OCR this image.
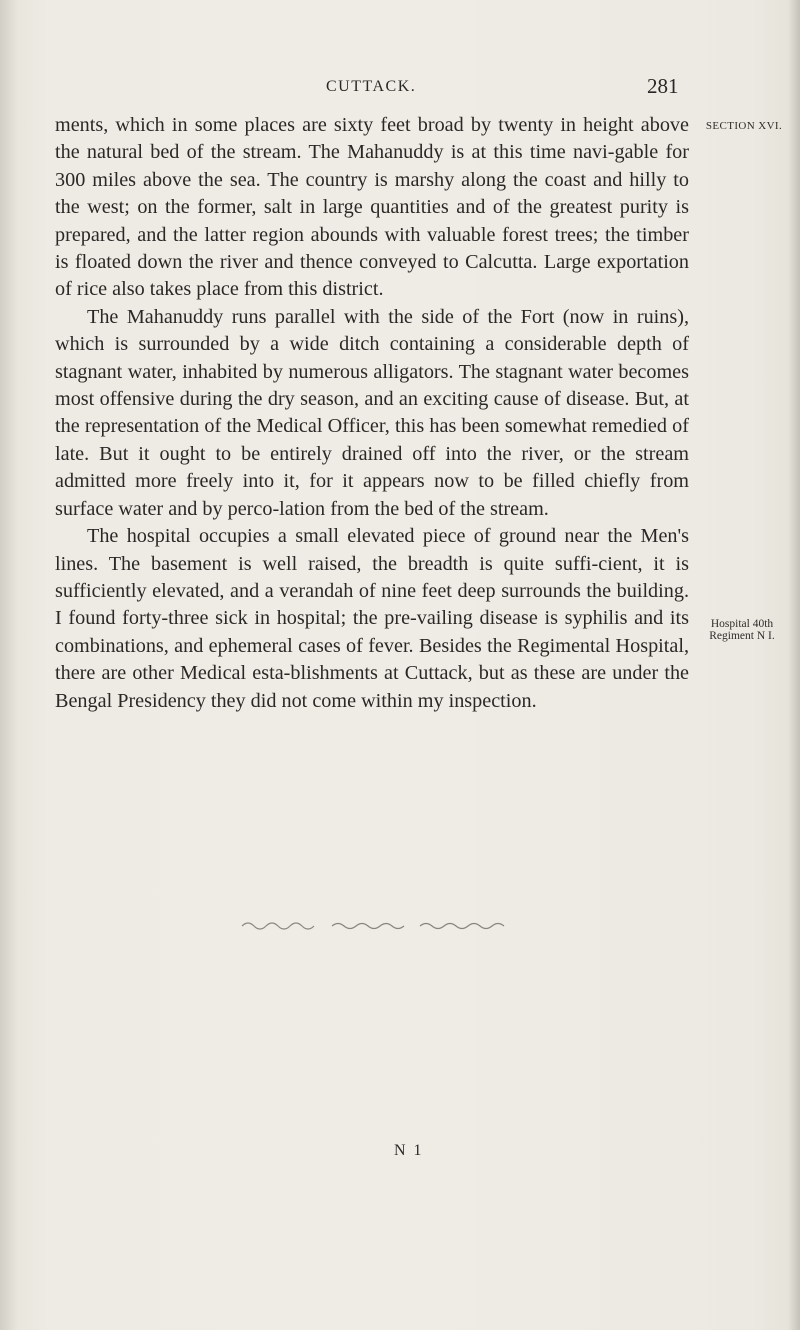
CUTTACK.	281
SECTION XVI.
Hospital 40th
Regiment N I.

ments, which in some places are sixty feet broad by twenty in height above the natural bed of the stream. The Mahanuddy is at this time navi-gable for 300 miles above the sea. The country is marshy along the coast and hilly to the west; on the former, salt in large quantities and of the greatest purity is prepared, and the latter region abounds with valuable forest trees; the timber is floated down the river and thence conveyed to Calcutta. Large exportation of rice also takes place from this district.

The Mahanuddy runs parallel with the side of the Fort (now in ruins), which is surrounded by a wide ditch containing a considerable depth of stagnant water, inhabited by numerous alligators. The stagnant water becomes most offensive during the dry season, and an exciting cause of disease. But, at the representation of the Medical Officer, this has been somewhat remedied of late. But it ought to be entirely drained off into the river, or the stream admitted more freely into it, for it appears now to be filled chiefly from surface water and by perco-lation from the bed of the stream.

The hospital occupies a small elevated piece of ground near the Men's lines. The basement is well raised, the breadth is quite suffi-cient, it is sufficiently elevated, and a verandah of nine feet deep surrounds the building. I found forty-three sick in hospital; the pre-vailing disease is syphilis and its combinations, and ephemeral cases of fever. Besides the Regimental Hospital, there are other Medical esta-blishments at Cuttack, but as these are under the Bengal Presidency they did not come within my inspection.

N 1
